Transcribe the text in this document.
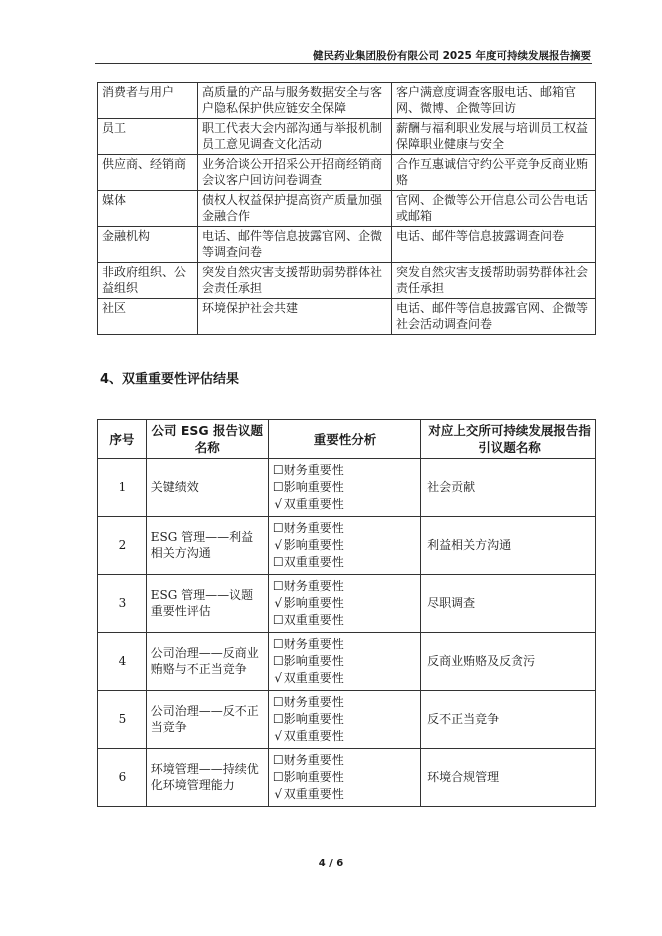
健民药业集团股份有限公司 2025 年度可持续发展报告摘要
消费者与用户	高质量的产品与服务数据安全与客户隐私保护供应链安全保障	客户满意度调查客服电话、邮箱官网、微博、企微等回访
员工	职工代表大会内部沟通与举报机制员工意见调查文化活动	薪酬与福利职业发展与培训员工权益保障职业健康与安全
供应商、经销商	业务洽谈公开招采公开招商经销商会议客户回访问卷调查	合作互惠诚信守约公平竞争反商业贿赂
媒体	债权人权益保护提高资产质量加强金融合作	官网、企微等公开信息公司公告电话或邮箱
金融机构	电话、邮件等信息披露官网、企微等调查问卷	电话、邮件等信息披露调查问卷
非政府组织、公益组织	突发自然灾害支援帮助弱势群体社会责任承担	突发自然灾害支援帮助弱势群体社会责任承担
社区	环境保护社会共建	电话、邮件等信息披露官网、企微等社会活动调查问卷
4、双重重要性评估结果
序号	公司 ESG 报告议题名称	重要性分析	对应上交所可持续发展报告指引议题名称
1	关键绩效	☐财务重要性
☐影响重要性
√ 双重重要性	社会贡献
2	ESG 管理——利益相关方沟通	☐财务重要性
√ 影响重要性
☐双重重要性	利益相关方沟通
3	ESG 管理——议题重要性评估	☐财务重要性
√ 影响重要性
☐双重重要性	尽职调查
4	公司治理——反商业贿赂与不正当竞争	☐财务重要性
☐影响重要性
√ 双重重要性	反商业贿赂及反贪污
5	公司治理——反不正当竞争	☐财务重要性
☐影响重要性
√ 双重重要性	反不正当竞争
6	环境管理——持续优化环境管理能力	☐财务重要性
☐影响重要性
√ 双重重要性	环境合规管理
4 / 6
